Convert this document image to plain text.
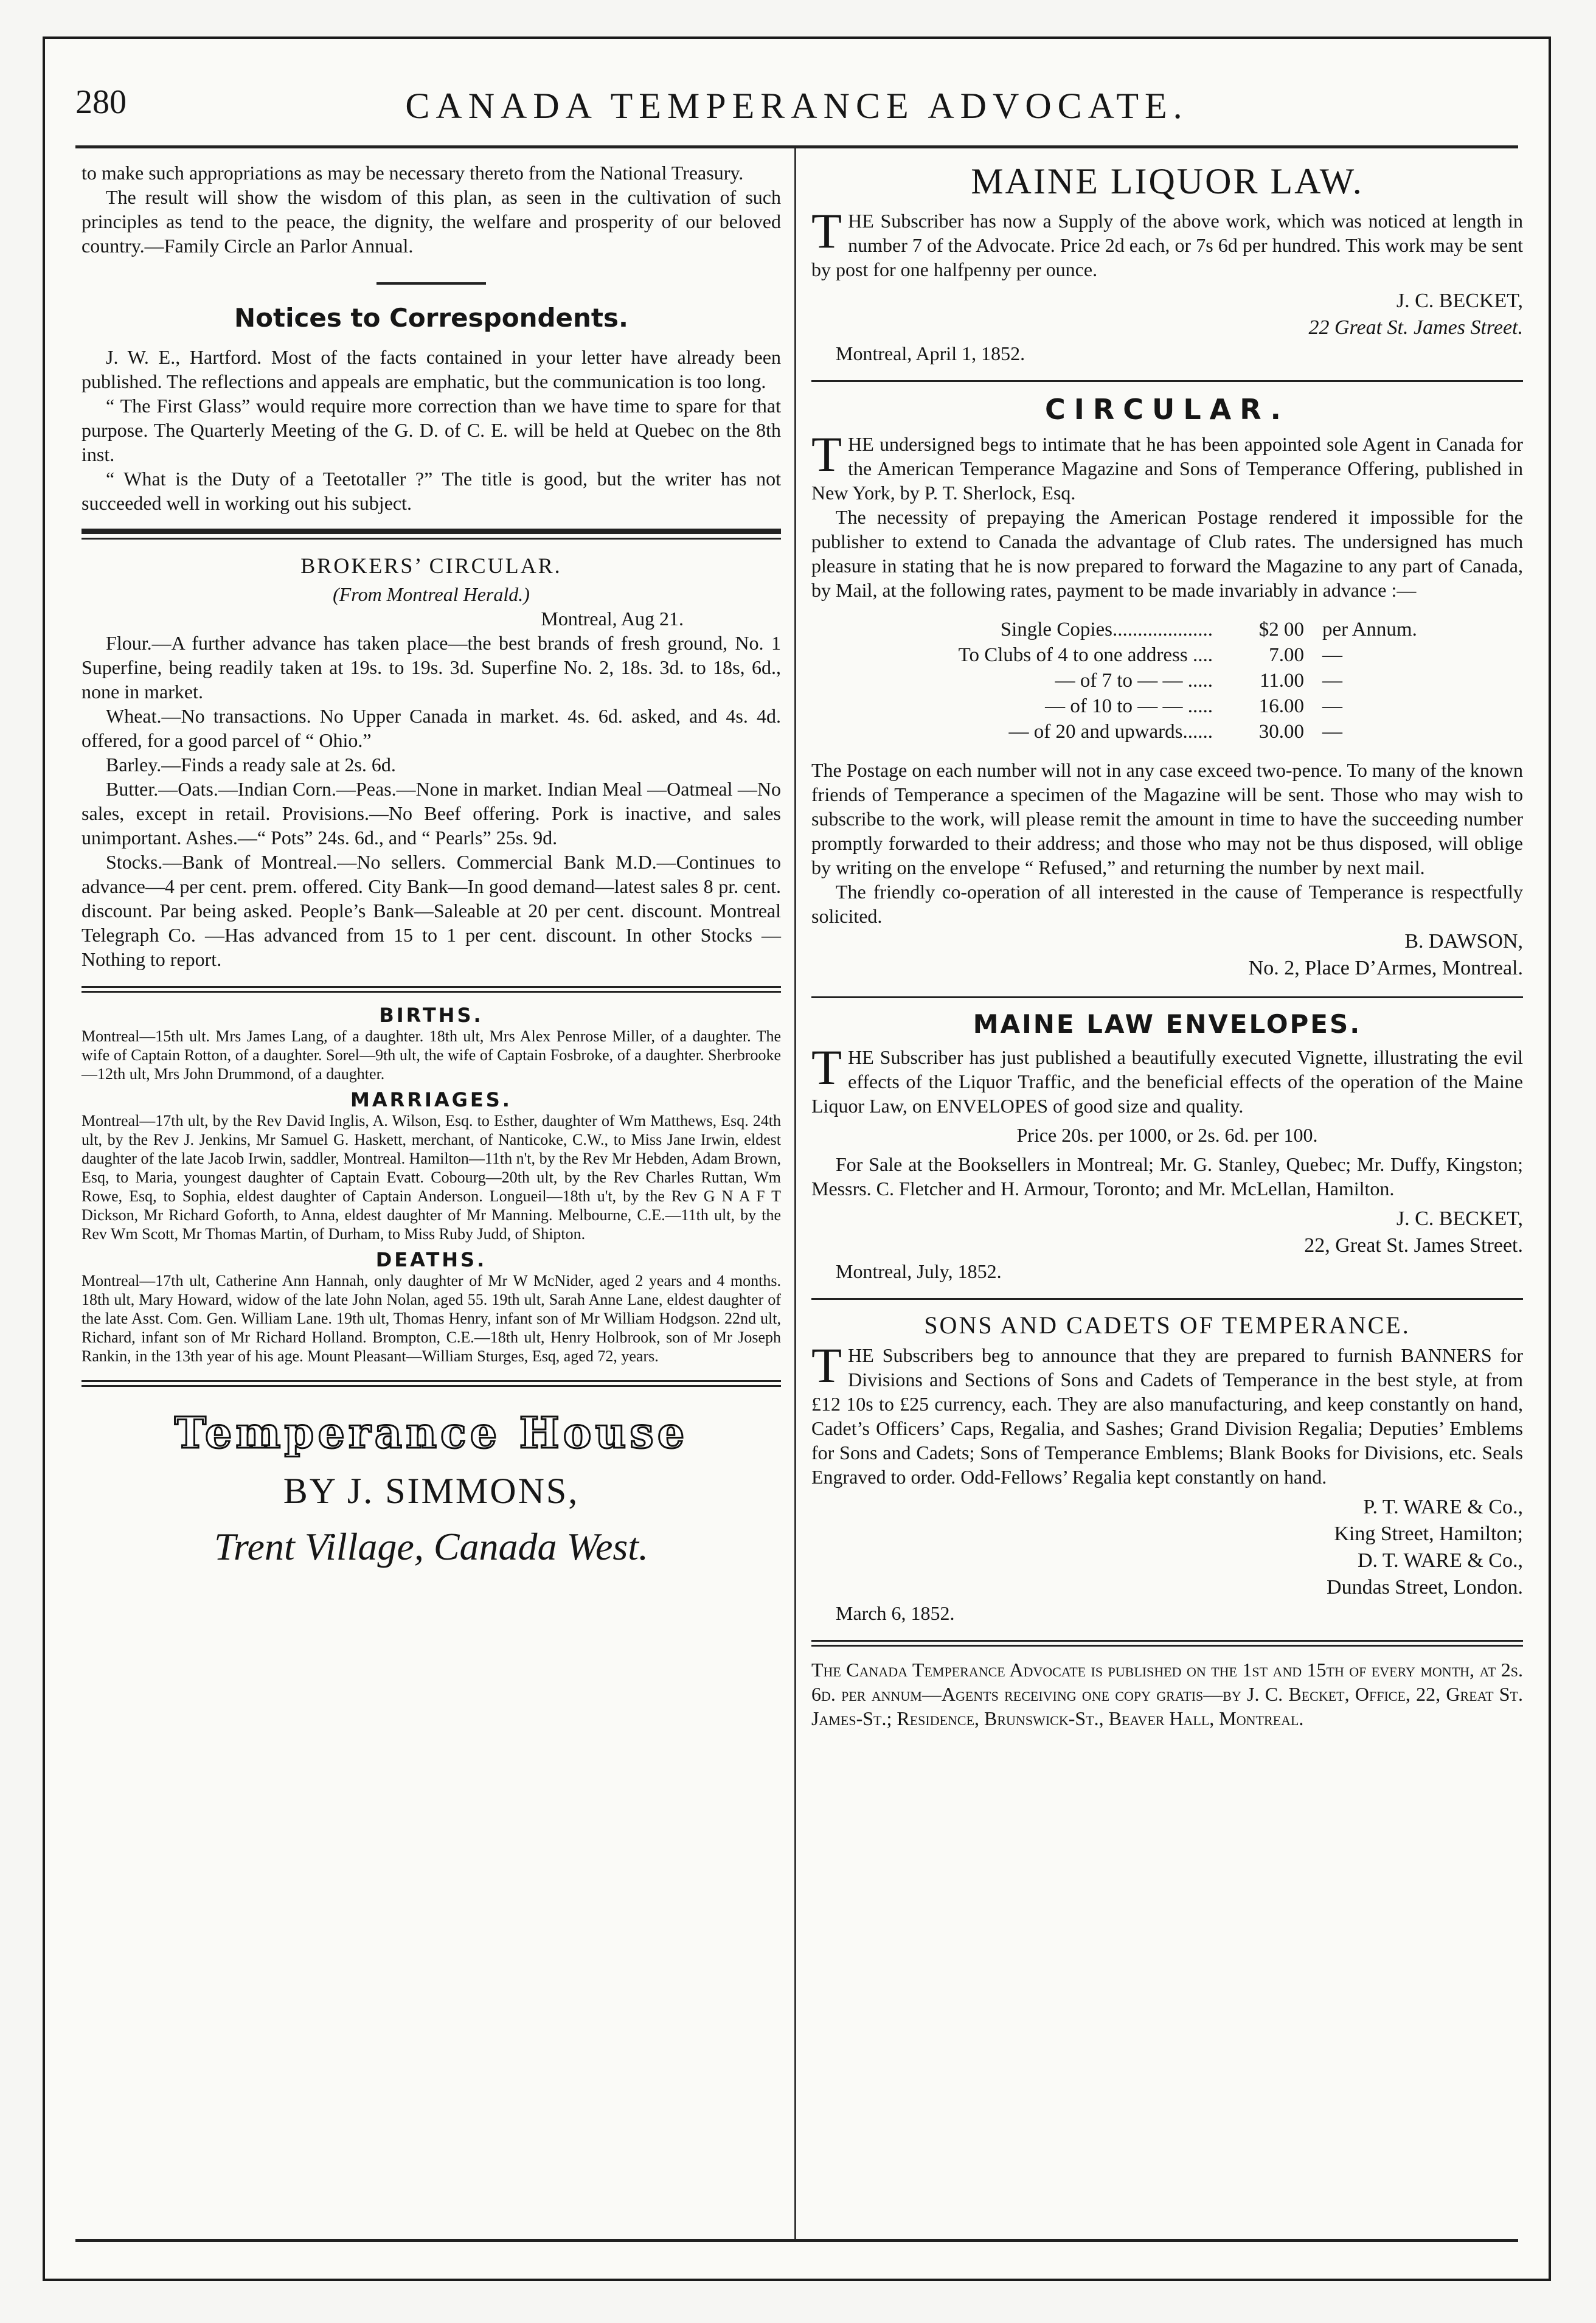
280	CANADA TEMPERANCE ADVOCATE.

to make such appropriations as may be necessary thereto from the National Treasury.

The result will show the wisdom of this plan, as seen in the cultivation of such principles as tend to the peace, the dignity, the welfare and prosperity of our beloved country.—Family Circle an Parlor Annual.

Notices to Correspondents.

J. W. E., Hartford. Most of the facts contained in your letter have already been published. The reflections and appeals are emphatic, but the communication is too long.

“ The First Glass” would require more correction than we have time to spare for that purpose. The Quarterly Meeting of the G. D. of C. E. will be held at Quebec on the 8th inst.

“ What is the Duty of a Teetotaller ?” The title is good, but the writer has not succeeded well in working out his subject.

BROKERS’ CIRCULAR.
(From Montreal Herald.)
Montreal, Aug 21.

Flour.—A further advance has taken place—the best brands of fresh ground, No. 1 Superfine, being readily taken at 19s. to 19s. 3d. Superfine No. 2, 18s. 3d. to 18s, 6d., none in market.

Wheat.—No transactions. No Upper Canada in market. 4s. 6d. asked, and 4s. 4d. offered, for a good parcel of “ Ohio.”

Barley.—Finds a ready sale at 2s. 6d.

Butter.—Oats.—Indian Corn.—Peas.—None in market. Indian Meal —Oatmeal —No sales, except in retail. Provisions.—No Beef offering. Pork is inactive, and sales unimportant. Ashes.—“ Pots” 24s. 6d., and “ Pearls” 25s. 9d.

Stocks.—Bank of Montreal.—No sellers. Commercial Bank M.D.—Continues to advance—4 per cent. prem. offered. City Bank—In good demand—latest sales 8 pr. cent. discount. Par being asked. People’s Bank—Saleable at 20 per cent. discount. Montreal Telegraph Co. —Has advanced from 15 to 1 per cent. discount. In other Stocks —Nothing to report.

BIRTHS.

Montreal—15th ult. Mrs James Lang, of a daughter. 18th ult, Mrs Alex Penrose Miller, of a daughter. The wife of Captain Rotton, of a daughter. Sorel—9th ult, the wife of Captain Fosbroke, of a daughter. Sherbrooke—12th ult, Mrs John Drummond, of a daughter.

MARRIAGES.

Montreal—17th ult, by the Rev David Inglis, A. Wilson, Esq. to Esther, daughter of Wm Matthews, Esq. 24th ult, by the Rev J. Jenkins, Mr Samuel G. Haskett, merchant, of Nanticoke, C.W., to Miss Jane Irwin, eldest daughter of the late Jacob Irwin, saddler, Montreal. Hamilton—11th n't, by the Rev Mr Hebden, Adam Brown, Esq, to Maria, youngest daughter of Captain Evatt. Cobourg—20th ult, by the Rev Charles Ruttan, Wm Rowe, Esq, to Sophia, eldest daughter of Captain Anderson. Longueil—18th u't, by the Rev G N A F T Dickson, Mr Richard Goforth, to Anna, eldest daughter of Mr Manning. Melbourne, C.E.—11th ult, by the Rev Wm Scott, Mr Thomas Martin, of Durham, to Miss Ruby Judd, of Shipton.

DEATHS.

Montreal—17th ult, Catherine Ann Hannah, only daughter of Mr W McNider, aged 2 years and 4 months. 18th ult, Mary Howard, widow of the late John Nolan, aged 55. 19th ult, Sarah Anne Lane, eldest daughter of the late Asst. Com. Gen. William Lane. 19th ult, Thomas Henry, infant son of Mr William Hodgson. 22nd ult, Richard, infant son of Mr Richard Holland. Brompton, C.E.—18th ult, Henry Holbrook, son of Mr Joseph Rankin, in the 13th year of his age. Mount Pleasant—William Sturges, Esq, aged 72, years.

Temperance House
BY J. SIMMONS,
Trent Village, Canada West.
MAINE LIQUOR LAW.

THE Subscriber has now a Supply of the above work, which was noticed at length in number 7 of the Advocate. Price 2d each, or 7s 6d per hundred. This work may be sent by post for one halfpenny per ounce.

J. C. BECKET,
22 Great St. James Street.
Montreal, April 1, 1852.
CIRCULAR.

THE undersigned begs to intimate that he has been appointed sole Agent in Canada for the American Temperance Magazine and Sons of Temperance Offering, published in New York, by P. T. Sherlock, Esq.

The necessity of prepaying the American Postage rendered it impossible for the publisher to extend to Canada the advantage of Club rates. The undersigned has much pleasure in stating that he is now prepared to forward the Magazine to any part of Canada, by Mail, at the following rates, payment to be made invariably in advance :—

Single Copies....................	$2 00 per Annum.
To Clubs of 4 to one address ....	7.00 —
— of 7 to — — .....	11.00 —
— of 10 to — — .....	16.00 —
— of 20 and upwards......	30.00 —

The Postage on each number will not in any case exceed two-pence. To many of the known friends of Temperance a specimen of the Magazine will be sent. Those who may wish to subscribe to the work, will please remit the amount in time to have the succeeding number promptly forwarded to their address; and those who may not be thus disposed, will oblige by writing on the envelope “ Refused,” and returning the number by next mail.

The friendly co-operation of all interested in the cause of Temperance is respectfully solicited.

B. DAWSON,
No. 2, Place D’Armes, Montreal.
MAINE LAW ENVELOPES.

THE Subscriber has just published a beautifully executed Vignette, illustrating the evil effects of the Liquor Traffic, and the beneficial effects of the operation of the Maine Liquor Law, on ENVELOPES of good size and quality.

Price 20s. per 1000, or 2s. 6d. per 100.

For Sale at the Booksellers in Montreal; Mr. G. Stanley, Quebec; Mr. Duffy, Kingston; Messrs. C. Fletcher and H. Armour, Toronto; and Mr. McLellan, Hamilton.

J. C. BECKET,
22, Great St. James Street.
Montreal, July, 1852.
SONS AND CADETS OF TEMPERANCE.

THE Subscribers beg to announce that they are prepared to furnish BANNERS for Divisions and Sections of Sons and Cadets of Temperance in the best style, at from £12 10s to £25 currency, each. They are also manufacturing, and keep constantly on hand, Cadet’s Officers’ Caps, Regalia, and Sashes; Grand Division Regalia; Deputies’ Emblems for Sons and Cadets; Sons of Temperance Emblems; Blank Books for Divisions, etc. Seals Engraved to order. Odd-Fellows’ Regalia kept constantly on hand.

P. T. WARE & Co.,
King Street, Hamilton;
D. T. WARE & Co.,
Dundas Street, London.
March 6, 1852.

The Canada Temperance Advocate is published on the 1st and 15th of every month, at 2s. 6d. per annum—Agents receiving one copy gratis—by J. C. Becket, Office, 22, Great St. James-St.; Residence, Brunswick-St., Beaver Hall, Montreal.
